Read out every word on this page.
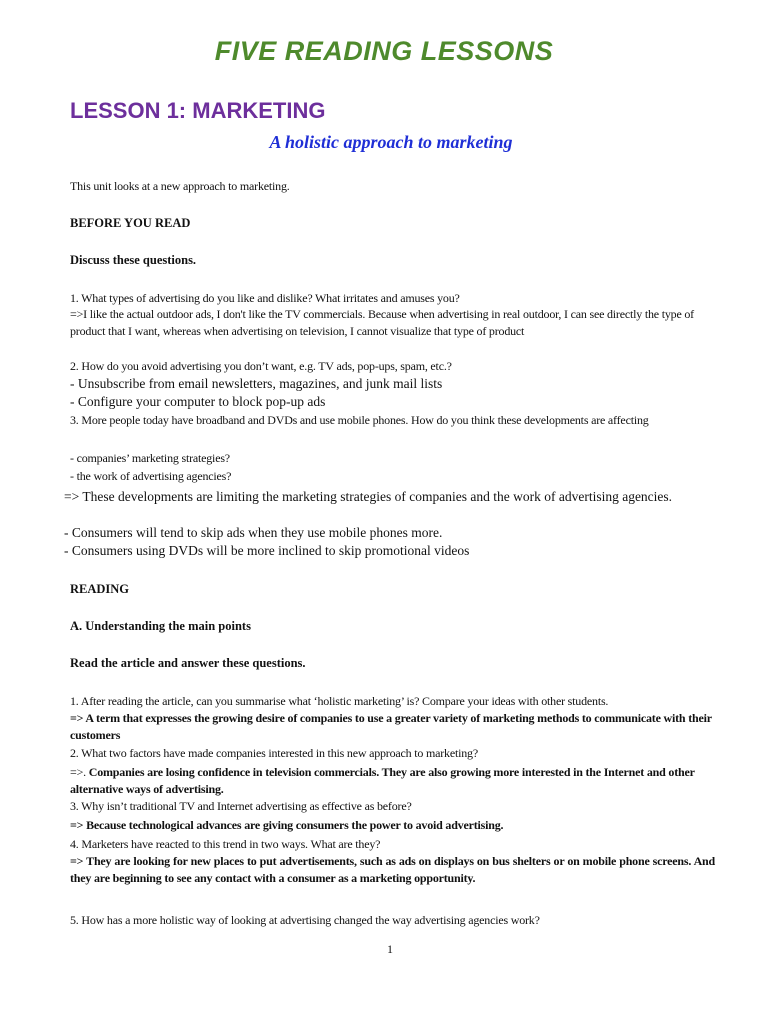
FIVE READING LESSONS
LESSON 1: MARKETING
A holistic approach to marketing

This unit looks at a new approach to marketing.

BEFORE YOU READ

Discuss these questions.

1. What types of advertising do you like and dislike? What irritates and amuses you?

=>I like the actual outdoor ads, I don't like the TV commercials. Because when advertising in real outdoor, I can see directly the type of product that I want, whereas when advertising on television, I cannot visualize that type of product

2. How do you avoid advertising you don’t want, e.g. TV ads, pop-ups, spam, etc.?

- Unsubscribe from email newsletters, magazines, and junk mail lists

- Configure your computer to block pop-up ads

3. More people today have broadband and DVDs and use mobile phones. How do you think these developments are affecting

- companies’ marketing strategies?

- the work of advertising agencies?

=> These developments are limiting the marketing strategies of companies and the work of advertising agencies.

- Consumers will tend to skip ads when they use mobile phones more.

- Consumers using DVDs will be more inclined to skip promotional videos

READING

A. Understanding the main points

Read the article and answer these questions.

1. After reading the article, can you summarise what ‘holistic marketing’ is? Compare your ideas with other students.

=> A term that expresses the growing desire of companies to use a greater variety of marketing methods to communicate with their customers

2. What two factors have made companies interested in this new approach to marketing?

=>. Companies are losing confidence in television commercials. They are also growing more interested in the Internet and other alternative ways of advertising.

3. Why isn’t traditional TV and Internet advertising as effective as before?

=> Because technological advances are giving consumers the power to avoid advertising.

4. Marketers have reacted to this trend in two ways. What are they?

=> They are looking for new places to put advertisements, such as ads on displays on bus shelters or on mobile phone screens. And they are beginning to see any contact with a consumer as a marketing opportunity.

5. How has a more holistic way of looking at advertising changed the way advertising agencies work?

1
